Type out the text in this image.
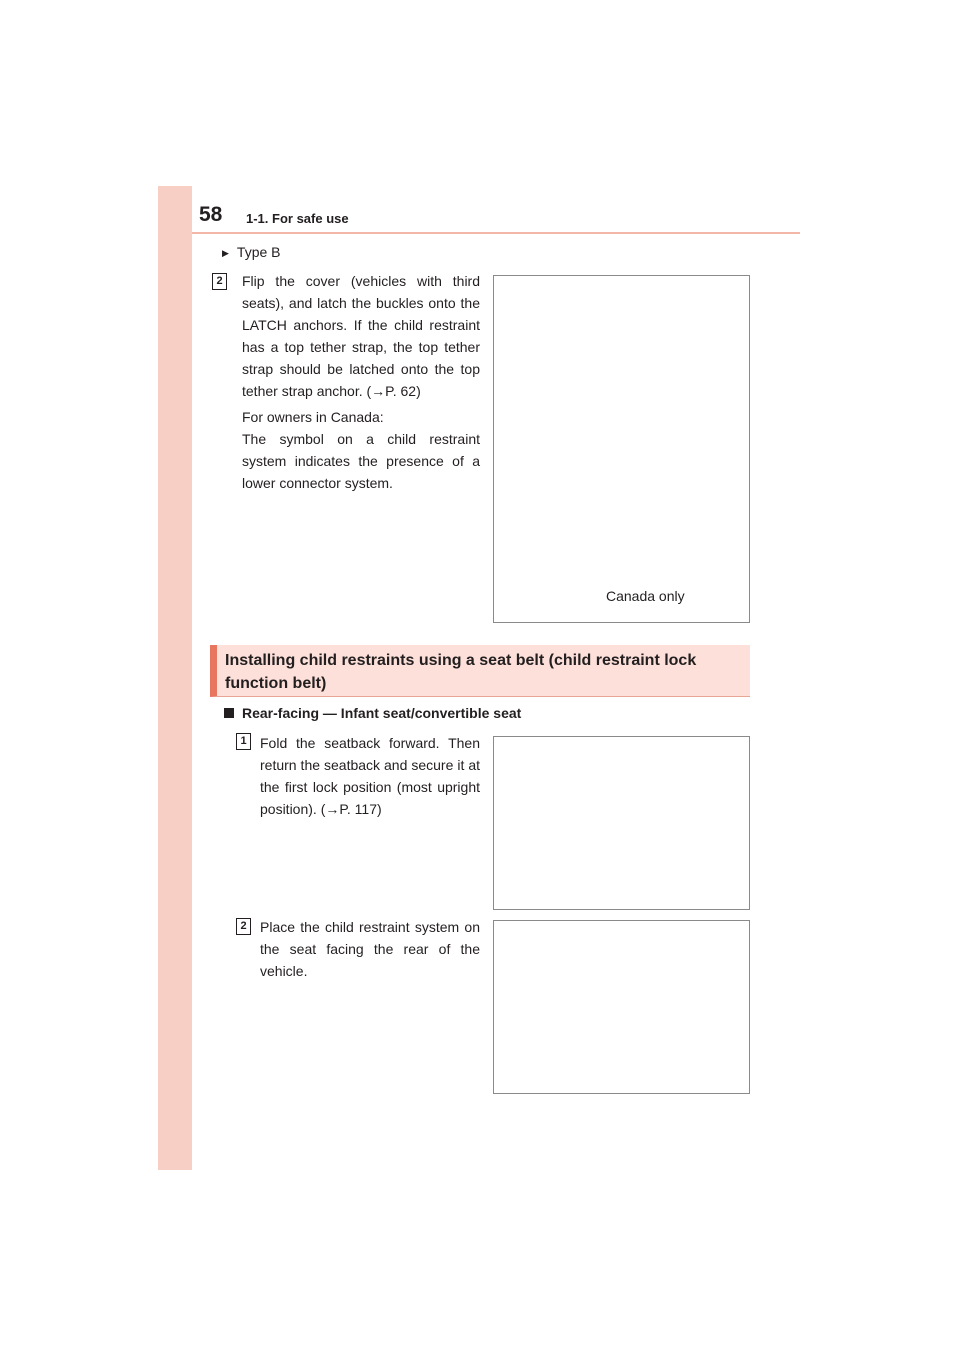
58 1-1. For safe use
▶ Type B
2	Flip the cover (vehicles with third seats), and latch the buckles onto the LATCH anchors. If the child restraint has a top tether strap, the top tether strap should be latched onto the top tether strap anchor. (→P. 62)

For owners in Canada:

The symbol on a child restraint system indicates the presence of a lower connector system.

Canada only
Installing child restraints using a seat belt (child restraint lock function belt)
Rear-facing — Infant seat/convertible seat
1 Fold the seatback forward. Then return the seatback and secure it at the first lock position (most upright position). (→P. 117)
2 Place the child restraint system on the seat facing the rear of the vehicle.
